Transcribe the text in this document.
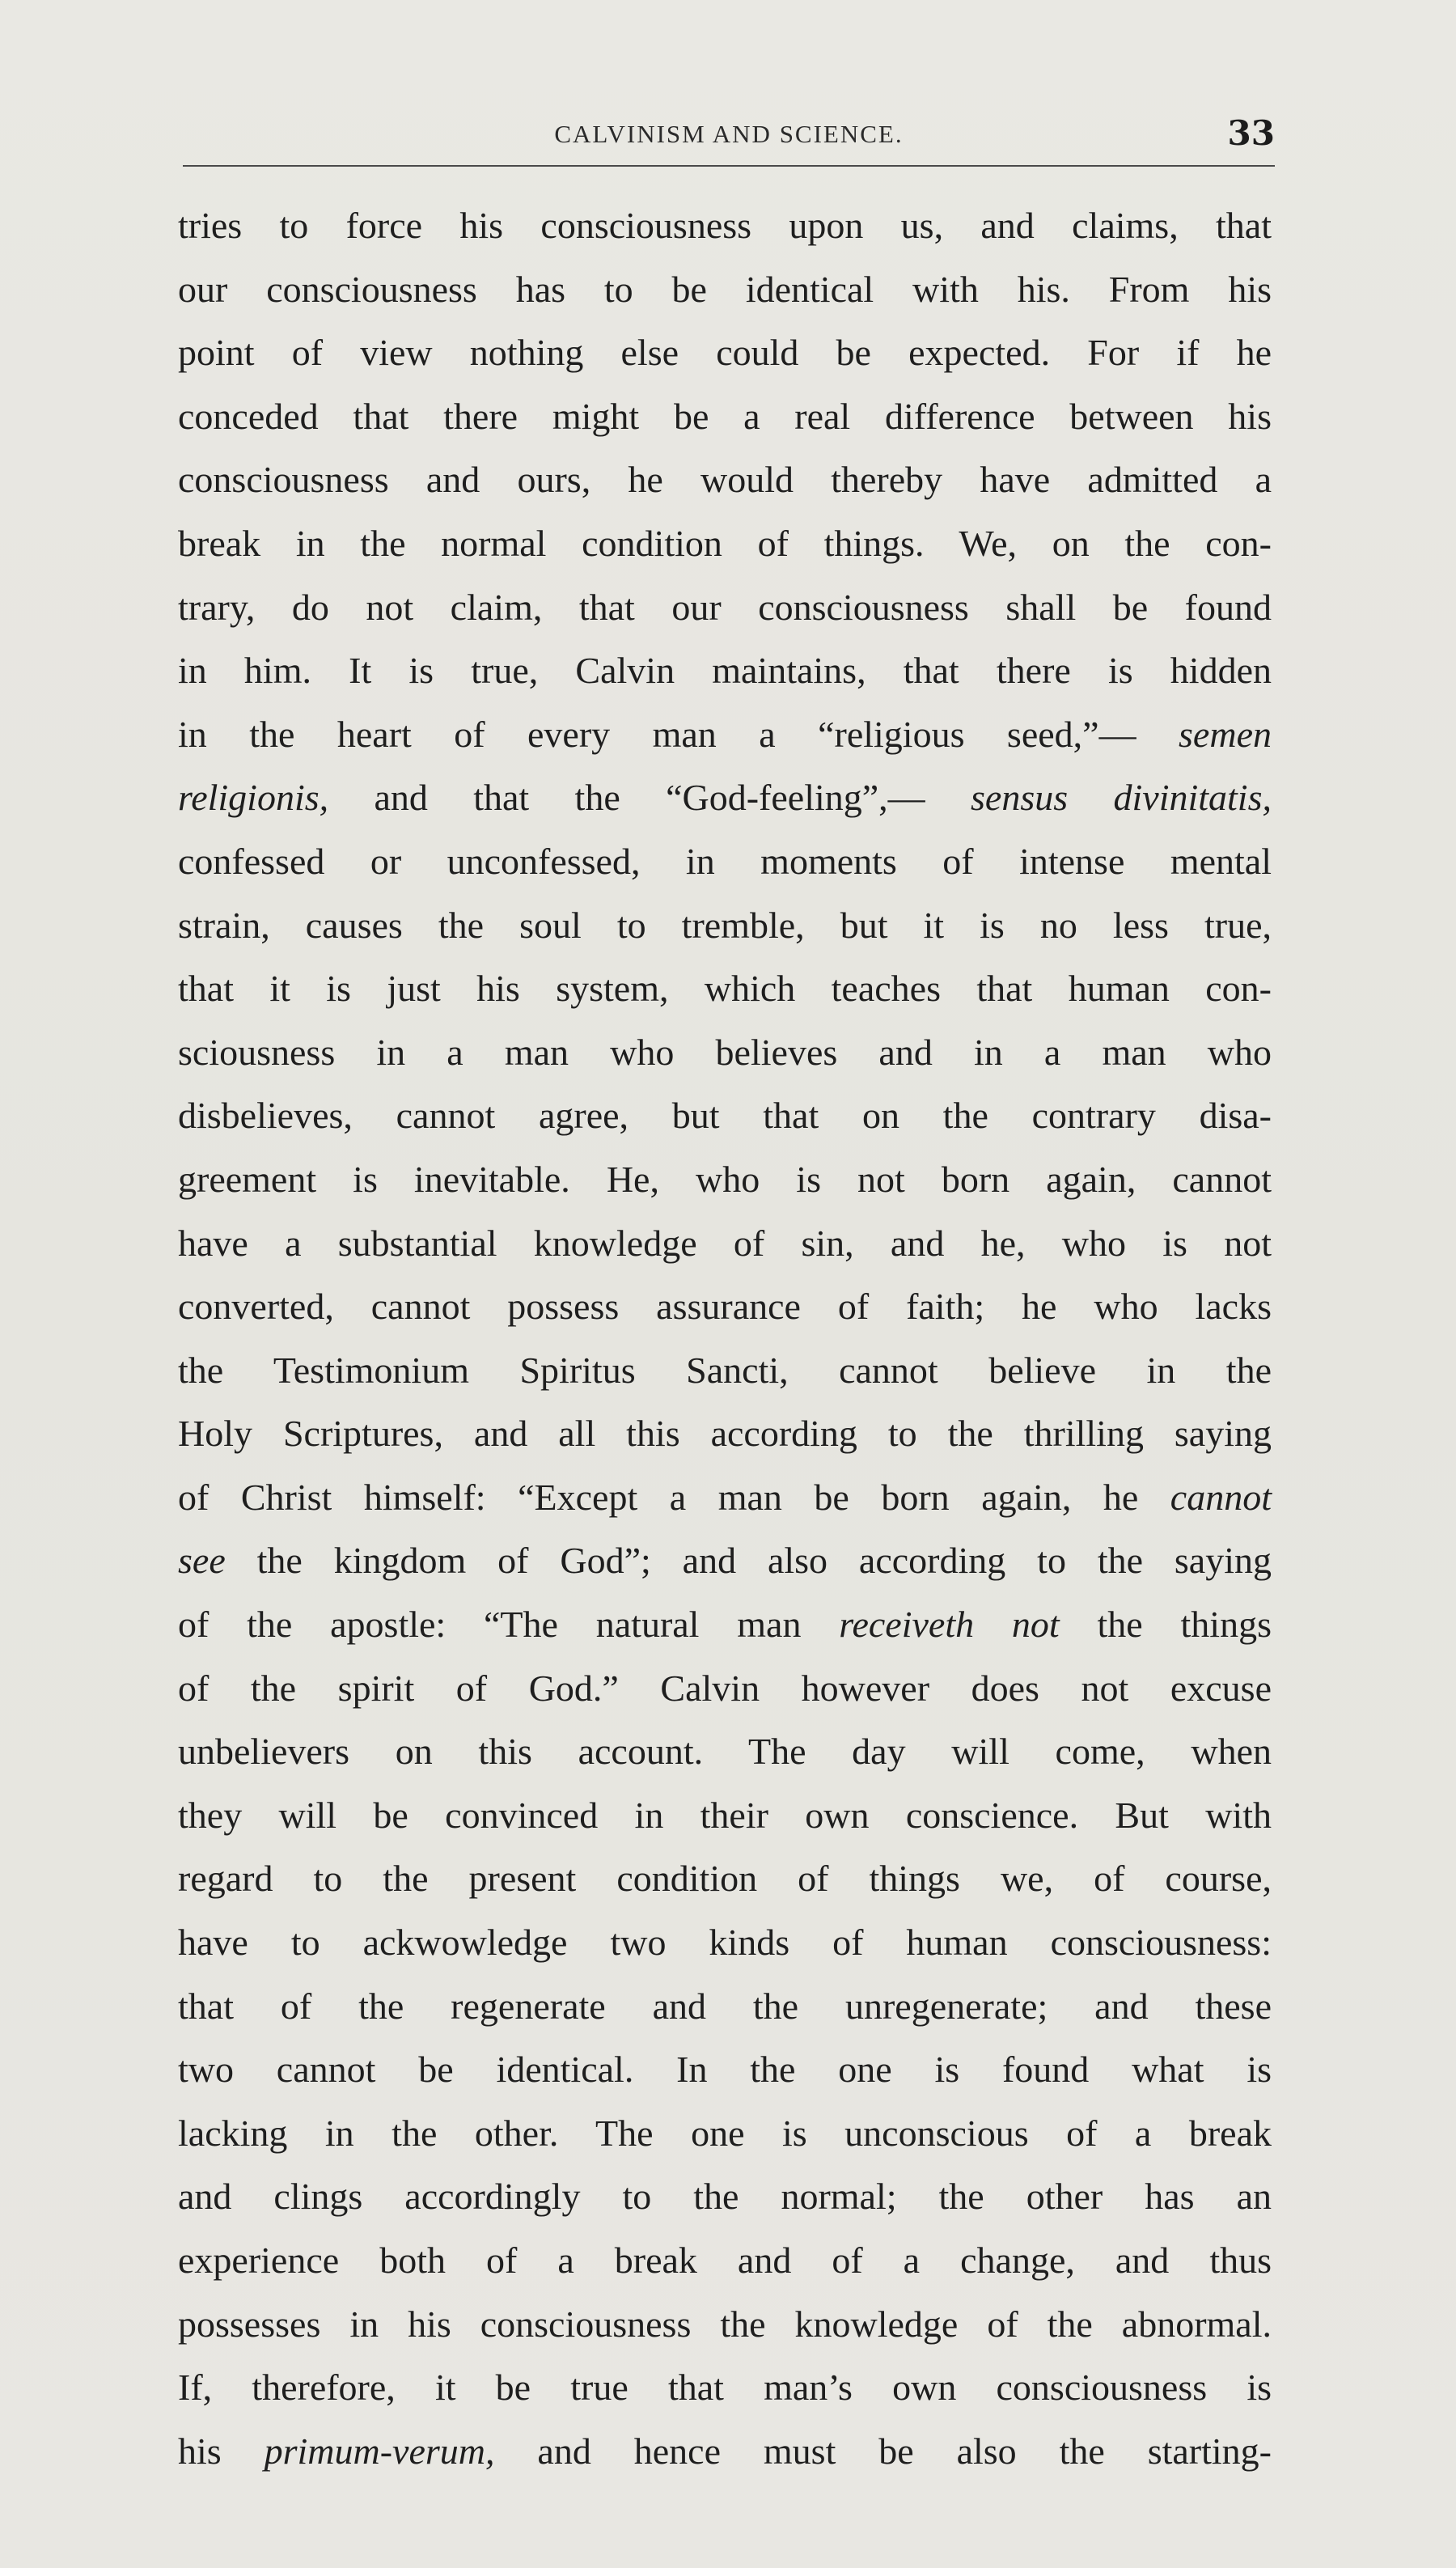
CALVINISM AND SCIENCE.	33
tries to force his consciousness upon us, and claims, that
our consciousness has to be identical with his. From his
point of view nothing else could be expected. For if he
conceded that there might be a real difference between his
consciousness and ours, he would thereby have admitted a
break in the normal condition of things. We, on the con-
trary, do not claim, that our consciousness shall be found
in him. It is true, Calvin maintains, that there is hidden
in the heart of every man a “religious seed,”— semen
religionis, and that the “God-feeling”,— sensus divinitatis,
confessed or unconfessed, in moments of intense mental
strain, causes the soul to tremble, but it is no less true,
that it is just his system, which teaches that human con-
sciousness in a man who believes and in a man who
disbelieves, cannot agree, but that on the contrary disa-
greement is inevitable. He, who is not born again, cannot
have a substantial knowledge of sin, and he, who is not
converted, cannot possess assurance of faith; he who lacks
the Testimonium Spiritus Sancti, cannot believe in the
Holy Scriptures, and all this according to the thrilling saying
of Christ himself: “Except a man be born again, he cannot
see the kingdom of God”; and also according to the saying
of the apostle: “The natural man receiveth not the things
of the spirit of God.” Calvin however does not excuse
unbelievers on this account. The day will come, when
they will be convinced in their own conscience. But with
regard to the present condition of things we, of course,
have to ackwowledge two kinds of human consciousness:
that of the regenerate and the unregenerate; and these
two cannot be identical. In the one is found what is
lacking in the other. The one is unconscious of a break
and clings accordingly to the normal; the other has an
experience both of a break and of a change, and thus
possesses in his consciousness the knowledge of the abnormal.
If, therefore, it be true that man’s own consciousness is
his primum-verum, and hence must be also the starting-
